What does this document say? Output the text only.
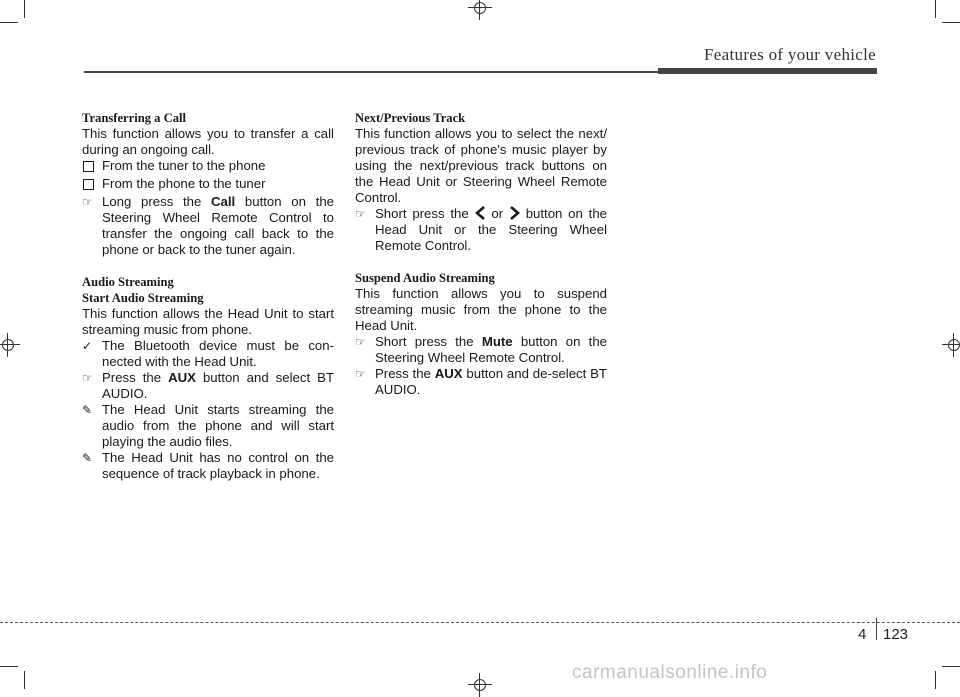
Features of your vehicle

Transferring a Call

This function allows you to transfer a call during an ongoing call.

From the tuner to the phone
From the phone to the tuner
☞ Long press the Call button on the Steering Wheel Remote Control to transfer the ongoing call back to the phone or back to the tuner again.

Audio Streaming

Start Audio Streaming

This function allows the Head Unit to start streaming music from phone.

✓ The Bluetooth device must be con-nected with the Head Unit.
☞ Press the AUX button and select BT AUDIO.
✎ The Head Unit starts streaming the audio from the phone and will start playing the audio files.
✎ The Head Unit has no control on the sequence of track playback in phone.

Next/Previous Track

This function allows you to select the next/ previous track of phone's music player by using the next/previous track buttons on the Head Unit or Steering Wheel Remote Control.

☞ Short press the  or  button on the Head Unit or the Steering Wheel Remote Control.

Suspend Audio Streaming

This function allows you to suspend streaming music from the phone to the Head Unit.

☞ Short press the Mute button on the Steering Wheel Remote Control.
☞ Press the AUX button and de-select BT AUDIO.
4 123
carmanualsonline.info
